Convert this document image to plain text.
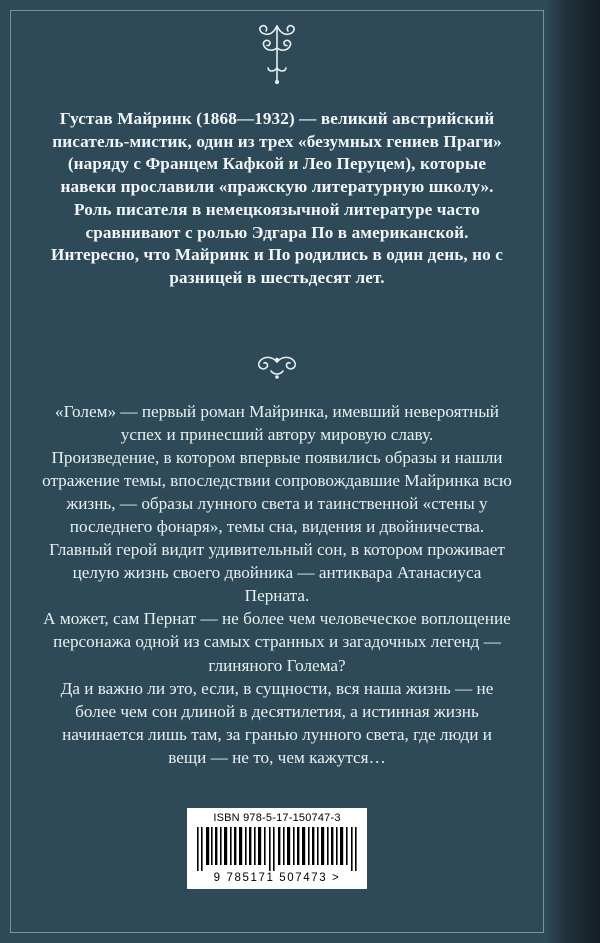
Густав Майринк (1868—1932) — великий австрийский писатель-мистик, один из трех «безумных гениев Праги» (наряду с Францем Кафкой и Лео Перуцем), которые навеки прославили «пражскую литературную школу». Роль писателя в немецкоязычной литературе часто сравнивают с ролью Эдгара По в американской. Интересно, что Майринк и По родились в один день, но с разницей в шестьдесят лет.

«Голем» — первый роман Майринка, имевший невероятный успех и принесший автору мировую славу.

Произведение, в котором впервые появились образы и нашли отражение темы, впоследствии сопровождавшие Майринка всю жизнь, — образы лунного света и таинственной «стены у последнего фонаря», темы сна, видения и двойничества.

Главный герой видит удивительный сон, в котором проживает целую жизнь своего двойника — антиквара Атанасиуса Перната.

А может, сам Пернат — не более чем человеческое воплощение персонажа одной из самых странных и загадочных легенд — глиняного Голема?

Да и важно ли это, если, в сущности, вся наша жизнь — не более чем сон длиной в десятилетия, а истинная жизнь начинается лишь там, за гранью лунного света, где люди и вещи — не то, чем кажутся…

ISBN 978-5-17-150747-3
9 785171 507473 >
